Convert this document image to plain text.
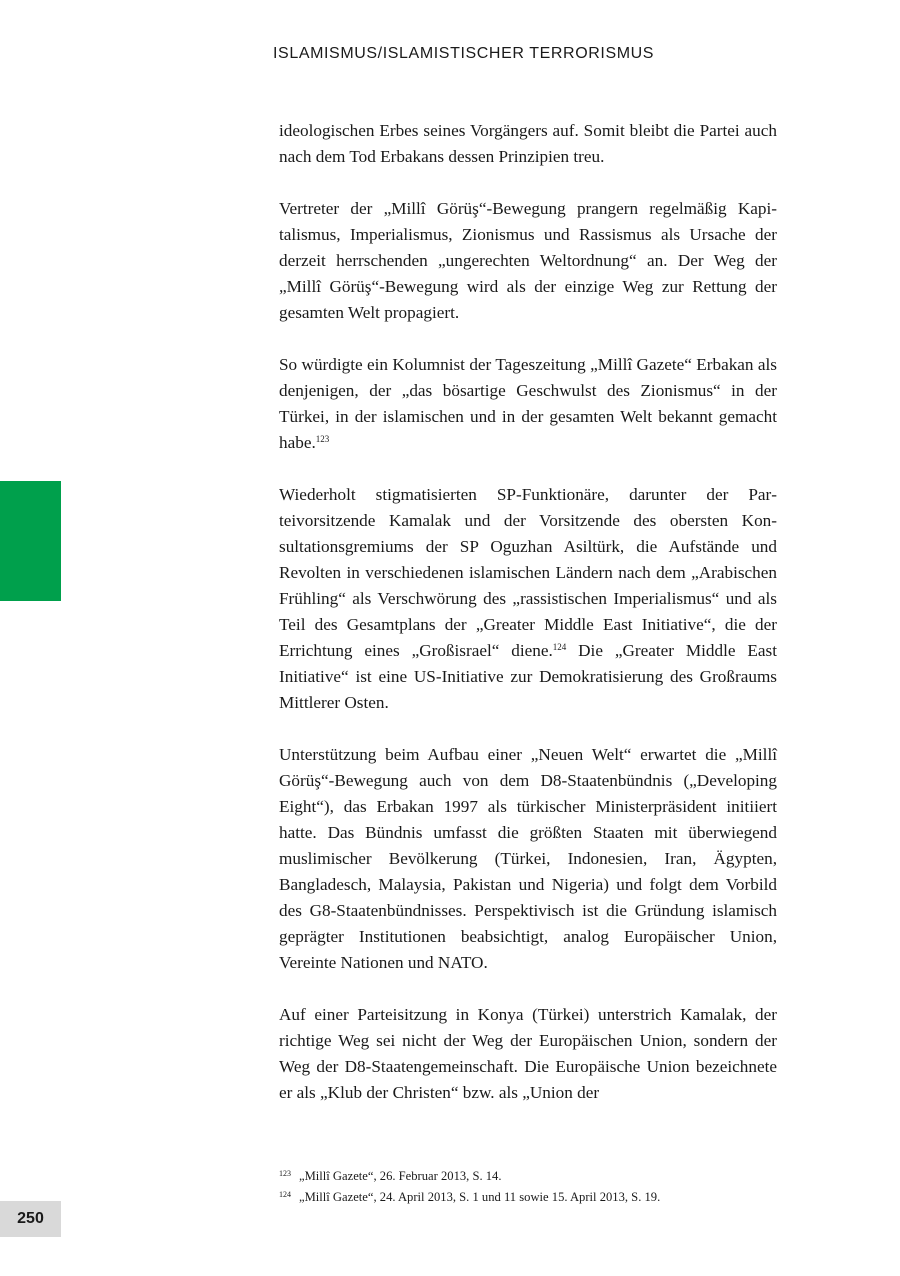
ISLAMISMUS/ISLAMISTISCHER TERRORISMUS

ideologischen Erbes seines Vorgängers auf. Somit bleibt die Partei auch nach dem Tod Erbakans dessen Prinzipien treu.

Vertreter der „Millî Görüş“-Bewegung prangern regelmäßig Kapitalismus, Imperialismus, Zionismus und Rassismus als Ursache der derzeit herrschenden „ungerechten Weltordnung“ an. Der Weg der „Millî Görüş“-Bewegung wird als der einzige Weg zur Rettung der gesamten Welt propagiert.

So würdigte ein Kolumnist der Tageszeitung „Millî Gazete“ Erbakan als denjenigen, der „das bösartige Geschwulst des Zionismus“ in der Türkei, in der islamischen und in der gesamten Welt bekannt gemacht habe.$^{123}$

Wiederholt stigmatisierten SP-Funktionäre, darunter der Parteivorsitzende Kamalak und der Vorsitzende des obersten Konsultationsgremiums der SP Oguzhan Asiltürk, die Aufstände und Revolten in verschiedenen islamischen Ländern nach dem „Arabischen Frühling“ als Verschwörung des „rassistischen Imperialismus“ und als Teil des Gesamtplans der „Greater Middle East Initiative“, die der Errichtung eines „Großisrael“ diene.$^{124}$ Die „Greater Middle East Initiative“ ist eine US-Initiative zur Demokratisierung des Großraums Mittlerer Osten.

Unterstützung beim Aufbau einer „Neuen Welt“ erwartet die „Millî Görüş“-Bewegung auch von dem D8-Staatenbündnis („Developing Eight“), das Erbakan 1997 als türkischer Ministerpräsident initiiert hatte. Das Bündnis umfasst die größten Staaten mit überwiegend muslimischer Bevölkerung (Türkei, Indonesien, Iran, Ägypten, Bangladesch, Malaysia, Pakistan und Nigeria) und folgt dem Vorbild des G8-Staatenbündnisses. Perspektivisch ist die Gründung islamisch geprägter Institutionen beabsichtigt, analog Europäischer Union, Vereinte Nationen und NATO.

Auf einer Parteisitzung in Konya (Türkei) unterstrich Kamalak, der richtige Weg sei nicht der Weg der Europäischen Union, sondern der Weg der D8-Staatengemeinschaft. Die Europäische Union bezeichnete er als „Klub der Christen“ bzw. als „Union der

$^{123}$ „Millî Gazete“, 26. Februar 2013, S. 14.
$^{124}$ „Millî Gazete“, 24. April 2013, S. 1 und 11 sowie 15. April 2013, S. 19.
250
